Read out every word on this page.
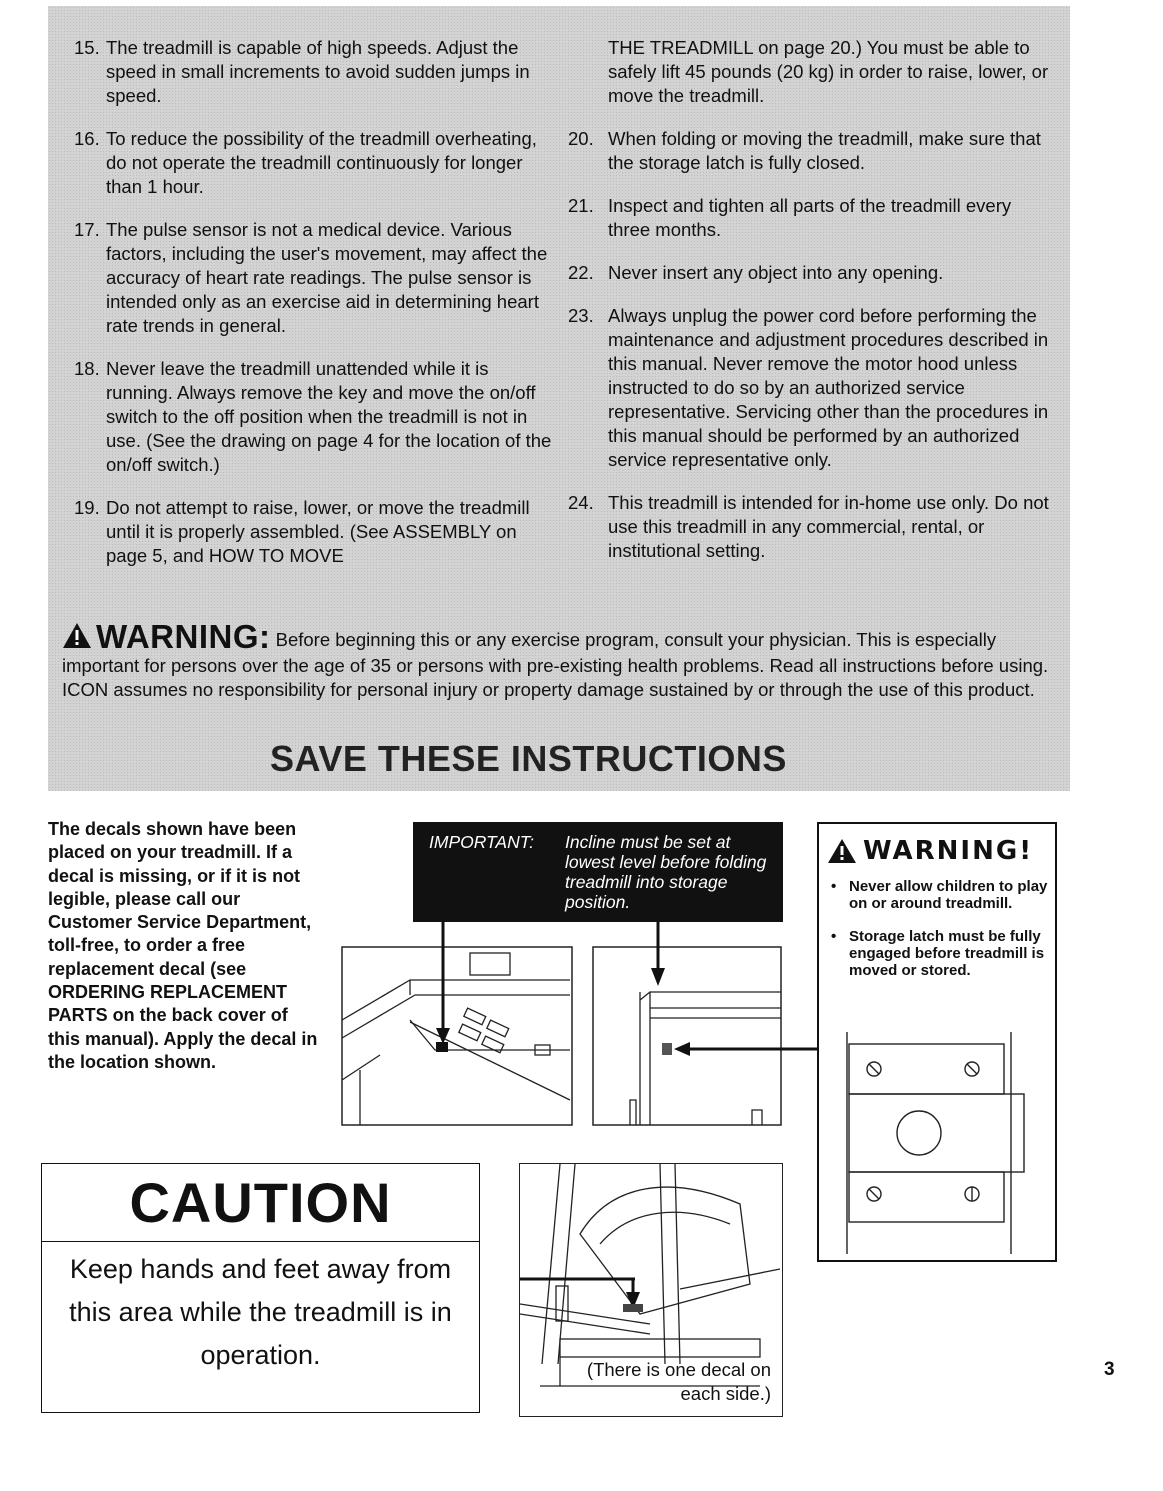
15. The treadmill is capable of high speeds. Adjust the speed in small increments to avoid sudden jumps in speed.
16. To reduce the possibility of the treadmill overheating, do not operate the treadmill continuously for longer than 1 hour.
17. The pulse sensor is not a medical device. Various factors, including the user's movement, may affect the accuracy of heart rate readings. The pulse sensor is intended only as an exercise aid in determining heart rate trends in general.
18. Never leave the treadmill unattended while it is running. Always remove the key and move the on/off switch to the off position when the treadmill is not in use. (See the drawing on page 4 for the location of the on/off switch.)
19. Do not attempt to raise, lower, or move the treadmill until it is properly assembled. (See ASSEMBLY on page 5, and HOW TO MOVE
THE TREADMILL on page 20.) You must be able to safely lift 45 pounds (20 kg) in order to raise, lower, or move the treadmill.
20. When folding or moving the treadmill, make sure that the storage latch is fully closed.
21. Inspect and tighten all parts of the treadmill every three months.
22. Never insert any object into any opening.
23. Always unplug the power cord before performing the maintenance and adjustment procedures described in this manual. Never remove the motor hood unless instructed to do so by an authorized service representative. Servicing other than the procedures in this manual should be performed by an authorized service representative only.
24. This treadmill is intended for in-home use only. Do not use this treadmill in any commercial, rental, or institutional setting.
WARNING: Before beginning this or any exercise program, consult your physician. This is especially important for persons over the age of 35 or persons with pre-existing health problems. Read all instructions before using. ICON assumes no responsibility for personal injury or property damage sustained by or through the use of this product.
SAVE THESE INSTRUCTIONS
The decals shown have been placed on your treadmill. If a decal is missing, or if it is not legible, please call our Customer Service Department, toll-free, to order a free replacement decal (see ORDERING REPLACEMENT PARTS on the back cover of this manual). Apply the decal in the location shown.
IMPORTANT: Incline must be set at lowest level before folding treadmill into storage position.
WARNING!
• Never allow children to play on or around treadmill.
• Storage latch must be fully engaged before treadmill is moved or stored.
CAUTION
Keep hands and feet away from this area while the treadmill is in operation.	(There is one decal on each side.)
3
